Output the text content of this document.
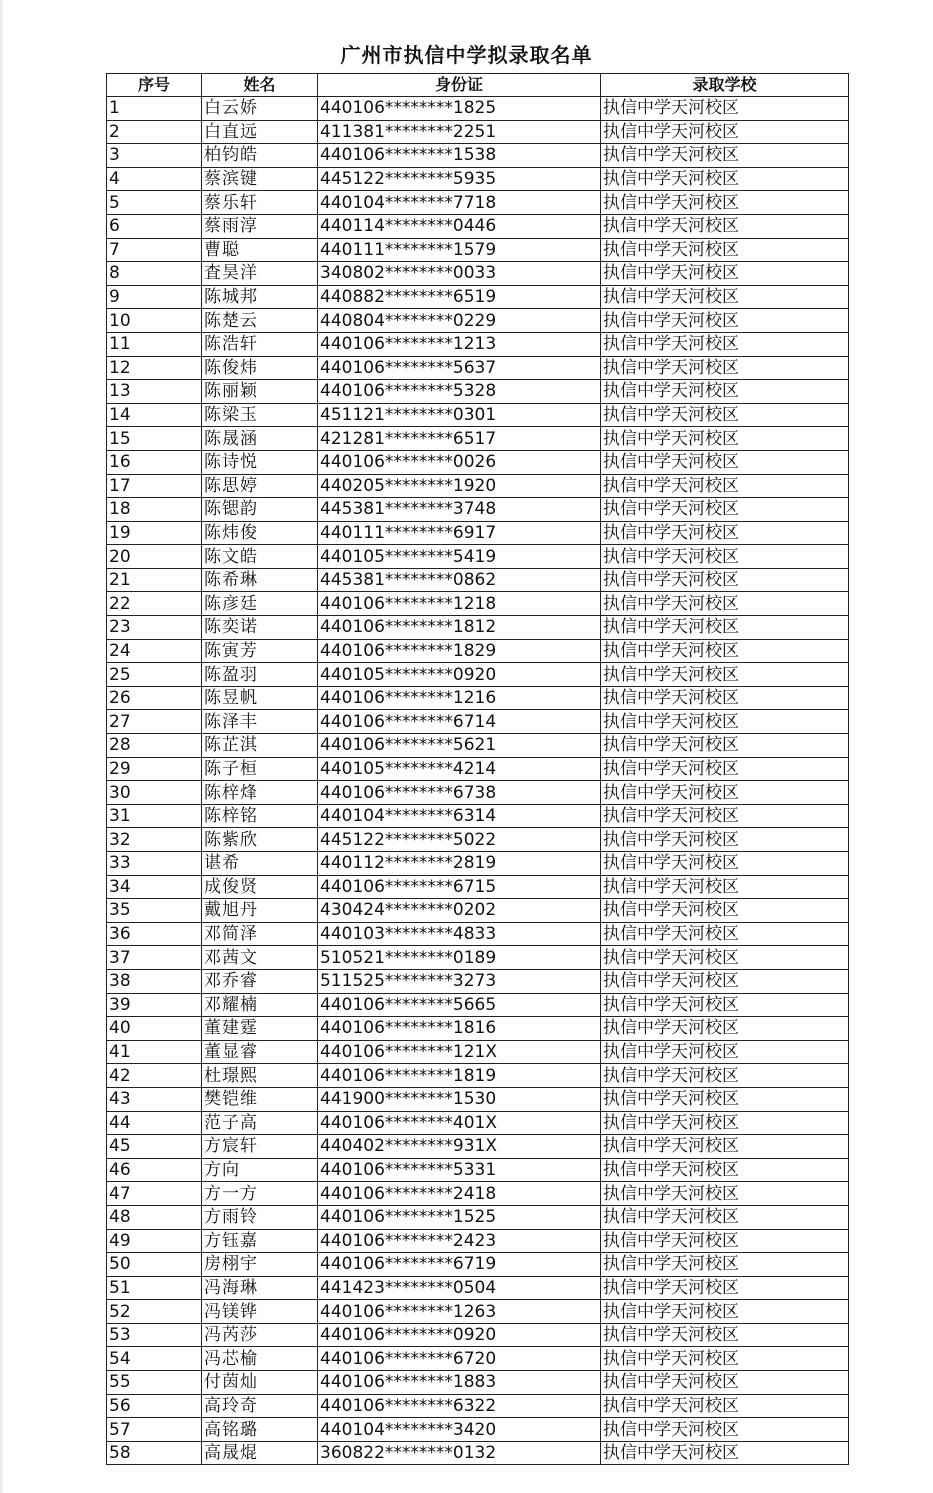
广州市执信中学拟录取名单
序号	姓名	身份证	录取学校
1	白云娇	440106********1825	执信中学天河校区
2	白直远	411381********2251	执信中学天河校区
3	柏钧皓	440106********1538	执信中学天河校区
4	蔡滨键	445122********5935	执信中学天河校区
5	蔡乐轩	440104********7718	执信中学天河校区
6	蔡雨淳	440114********0446	执信中学天河校区
7	曹聪	440111********1579	执信中学天河校区
8	査昊洋	340802********0033	执信中学天河校区
9	陈城邦	440882********6519	执信中学天河校区
10	陈楚云	440804********0229	执信中学天河校区
11	陈浩轩	440106********1213	执信中学天河校区
12	陈俊炜	440106********5637	执信中学天河校区
13	陈丽颖	440106********5328	执信中学天河校区
14	陈梁玉	451121********0301	执信中学天河校区
15	陈晟涵	421281********6517	执信中学天河校区
16	陈诗悦	440106********0026	执信中学天河校区
17	陈思婷	440205********1920	执信中学天河校区
18	陈锶韵	445381********3748	执信中学天河校区
19	陈炜俊	440111********6917	执信中学天河校区
20	陈文皓	440105********5419	执信中学天河校区
21	陈希琳	445381********0862	执信中学天河校区
22	陈彦廷	440106********1218	执信中学天河校区
23	陈奕诺	440106********1812	执信中学天河校区
24	陈寅芳	440106********1829	执信中学天河校区
25	陈盈羽	440105********0920	执信中学天河校区
26	陈昱帆	440106********1216	执信中学天河校区
27	陈泽丰	440106********6714	执信中学天河校区
28	陈芷淇	440106********5621	执信中学天河校区
29	陈子桓	440105********4214	执信中学天河校区
30	陈梓烽	440106********6738	执信中学天河校区
31	陈梓铭	440104********6314	执信中学天河校区
32	陈紫欣	445122********5022	执信中学天河校区
33	谌希	440112********2819	执信中学天河校区
34	成俊贤	440106********6715	执信中学天河校区
35	戴旭丹	430424********0202	执信中学天河校区
36	邓简泽	440103********4833	执信中学天河校区
37	邓茜文	510521********0189	执信中学天河校区
38	邓乔睿	511525********3273	执信中学天河校区
39	邓耀楠	440106********5665	执信中学天河校区
40	董建霆	440106********1816	执信中学天河校区
41	董显睿	440106********121X	执信中学天河校区
42	杜璟熙	440106********1819	执信中学天河校区
43	樊铠维	441900********1530	执信中学天河校区
44	范子高	440106********401X	执信中学天河校区
45	方宸轩	440402********931X	执信中学天河校区
46	方向	440106********5331	执信中学天河校区
47	方一方	440106********2418	执信中学天河校区
48	方雨铃	440106********1525	执信中学天河校区
49	方钰嘉	440106********2423	执信中学天河校区
50	房栩宇	440106********6719	执信中学天河校区
51	冯海琳	441423********0504	执信中学天河校区
52	冯镁铧	440106********1263	执信中学天河校区
53	冯芮莎	440106********0920	执信中学天河校区
54	冯芯榆	440106********6720	执信中学天河校区
55	付茵灿	440106********1883	执信中学天河校区
56	高玲奇	440106********6322	执信中学天河校区
57	高铭璐	440104********3420	执信中学天河校区
58	高晟焜	360822********0132	执信中学天河校区
